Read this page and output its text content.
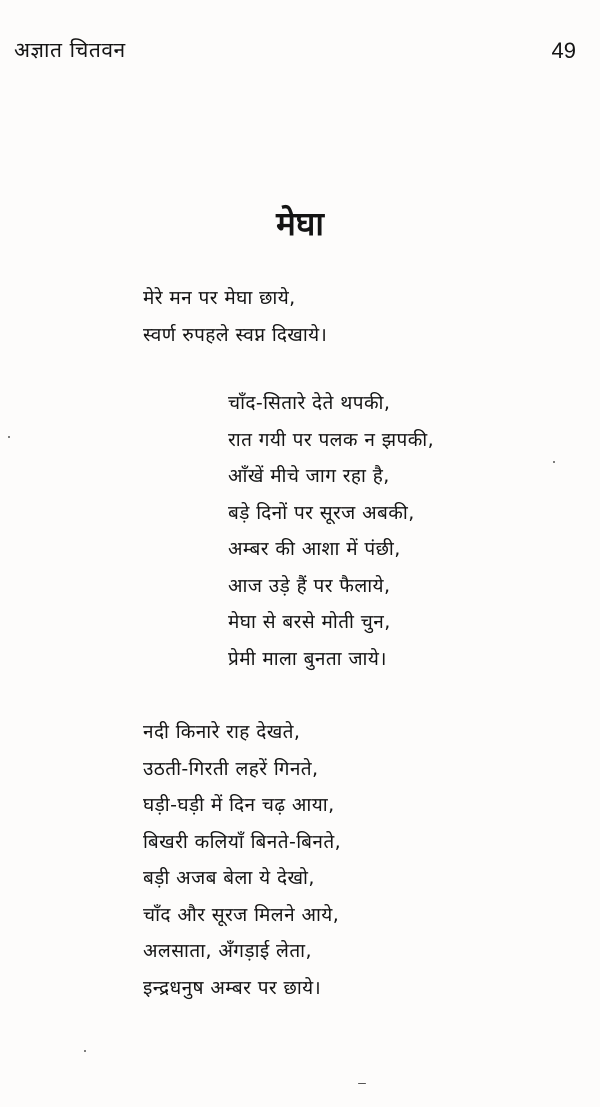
अज्ञात चितवन	49
मेघा
मेरे मन पर मेघा छाये,
स्वर्ण रुपहले स्वप्न दिखाये।
चाँद-सितारे देते थपकी,
रात गयी पर पलक न झपकी,
आँखें मीचे जाग रहा है,
बड़े दिनों पर सूरज अबकी,
अम्बर की आशा में पंछी,
आज उड़े हैं पर फैलाये,
मेघा से बरसे मोती चुन,
प्रेमी माला बुनता जाये।
नदी किनारे राह देखते,
उठती-गिरती लहरें गिनते,
घड़ी-घड़ी में दिन चढ़ आया,
बिखरी कलियाँ बिनते-बिनते,
बड़ी अजब बेला ये देखो,
चाँद और सूरज मिलने आये,
अलसाता, अँगड़ाई लेता,
इन्द्रधनुष अम्बर पर छाये।
